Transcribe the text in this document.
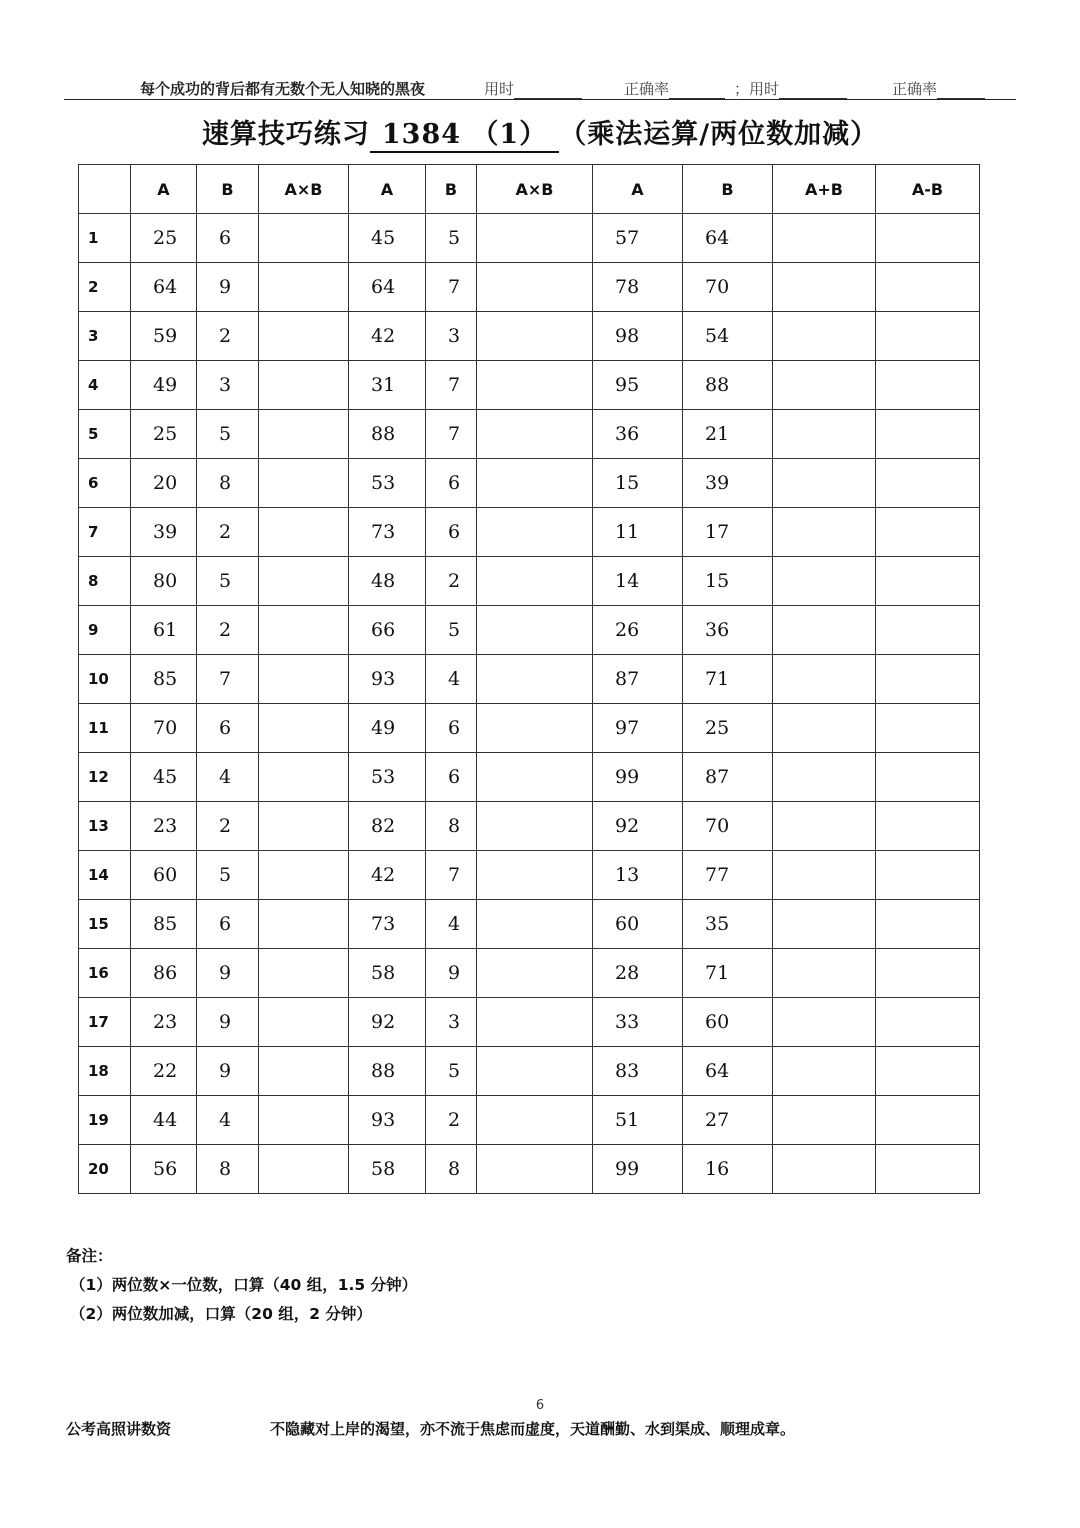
每个成功的背后都有无数个无人知晓的黑夜	用时	正确率	；用时	正确率
速算技巧练习 1384 （1） （乘法运算/两位数加减）
	A	B	A×B	A	B	A×B	A	B	A+B	A-B
1	25	6		45	5		57	64		
2	64	9		64	7		78	70		
3	59	2		42	3		98	54		
4	49	3		31	7		95	88		
5	25	5		88	7		36	21		
6	20	8		53	6		15	39		
7	39	2		73	6		11	17		
8	80	5		48	2		14	15		
9	61	2		66	5		26	36		
10	85	7		93	4		87	71		
11	70	6		49	6		97	25		
12	45	4		53	6		99	87		
13	23	2		82	8		92	70		
14	60	5		42	7		13	77		
15	85	6		73	4		60	35		
16	86	9		58	9		28	71		
17	23	9		92	3		33	60		
18	22	9		88	5		83	64		
19	44	4		93	2		51	27		
20	56	8		58	8		99	16		
备注：
（1）两位数×一位数，口算（40 组，1.5 分钟）
（2）两位数加减，口算（20 组，2 分钟）
6
公考高照讲数资	不隐藏对上岸的渴望，亦不流于焦虑而虚度，天道酬勤、水到渠成、顺理成章。
